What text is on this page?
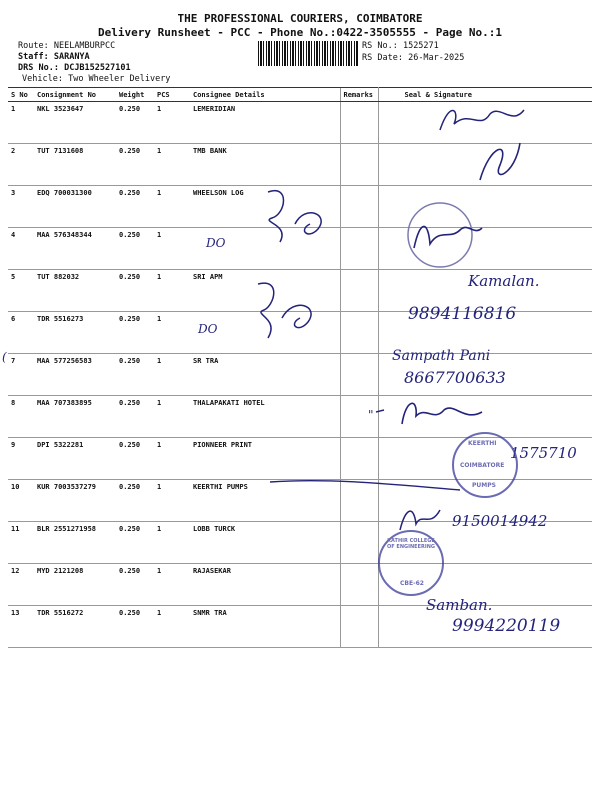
THE PROFESSIONAL COURIERS, COIMBATORE
Delivery Runsheet - PCC - Phone No.:0422-3505555 - Page No.:1
Route: NEELAMBURPCC
Staff: SARANYA
DRS No.: DCJB152527101
Vehicle: Two Wheeler Delivery
RS No.: 1525271
RS Date: 26-Mar-2025
S No	Consignment No	Weight	PCS	Consignee Details	Remarks	Seal & Signature
1	NKL 3523647	0.250	1	LEMERIDIAN		
2	TUT 7131608	0.250	1	TMB BANK		
3	EDQ 700031300	0.250	1	WHEELSON LOG		
4	MAA 576348344	0.250	1			
5	TUT 882032	0.250	1	SRI APM		
6	TDR 5516273	0.250	1			
7	MAA 577256583	0.250	1	SR TRA		
8	MAA 707383895	0.250	1	THALAPAKATI HOTEL		
9	DPI 5322281	0.250	1	PIONNEER PRINT		
10	KUR 7003537279	0.250	1	KEERTHI PUMPS		
11	BLR 2551271958	0.250	1	LOBB TURCK		
12	MYD 2121208	0.250	1	RAJASEKAR		
13	TDR 5516272	0.250	1	SNMR TRA		
DO
DO
(
Kamalan.
9894116816
Sampath Pani
8667700633
"
1575710
KEERTHI
COIMBATORE
PUMPS
9150014942
KATHIR COLLEGE OF ENGINEERING
CBE-62
Samban.
9994220119
